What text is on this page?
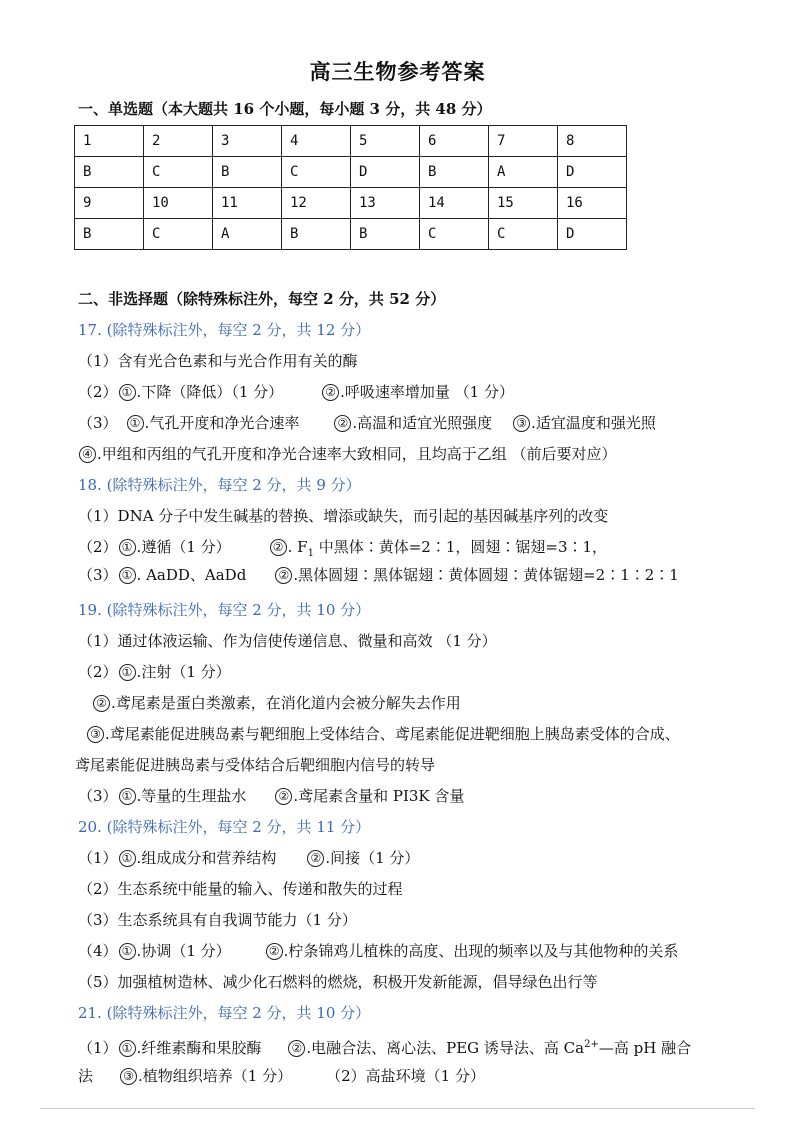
高三生物参考答案
一、单选题（本大题共 16 个小题，每小题 3 分，共 48 分）
1	2	3	4	5	6	7	8
B	C	B	C	D	B	A	D
9	10	11	12	13	14	15	16
B	C	A	B	B	C	C	D
二、非选择题（除特殊标注外，每空 2 分，共 52 分）
17. (除特殊标注外，每空 2 分，共 12 分）
（1）含有光合色素和与光合作用有关的酶
（2） ① .下降（降低）（1 分）	② .呼吸速率增加量 （1 分）
（3） ① .气孔开度和净光合速率	② .高温和适宜光照强度 ③ .适宜温度和强光照
④ .甲组和丙组的气孔开度和净光合速率大致相同，且均高于乙组 （前后要对应）
18. (除特殊标注外，每空 2 分，共 9 分）
（1）DNA 分子中发生碱基的替换、增添或缺失，而引起的基因碱基序列的改变
（2） ① .遵循（1 分）	② . $F_1$ 中黑体∶黄体=2∶1，圆翅∶锯翅=3∶1，
（3） ① . AaDD、AaDd	② .黑体圆翅∶黑体锯翅∶黄体圆翅∶黄体锯翅=2∶1∶2∶1
19. (除特殊标注外，每空 2 分，共 10 分）
（1）通过体液运输、作为信使传递信息、微量和高效 （1 分）
（2） ① .注射（1 分）
② .鸢尾素是蛋白类激素，在消化道内会被分解失去作用
③ .鸢尾素能促进胰岛素与靶细胞上受体结合、鸢尾素能促进靶细胞上胰岛素受体的合成、
鸢尾素能促进胰岛素与受体结合后靶细胞内信号的转导
（3） ① .等量的生理盐水	② .鸢尾素含量和 PI3K 含量
20. (除特殊标注外，每空 2 分，共 11 分）
（1） ① .组成成分和营养结构	② .间接（1 分）
（2）生态系统中能量的输入、传递和散失的过程
（3）生态系统具有自我调节能力（1 分）
（4） ① .协调（1 分）	② .柠条锦鸡儿植株的高度、出现的频率以及与其他物种的关系
（5）加强植树造林、减少化石燃料的燃烧，积极开发新能源，倡导绿色出行等
21. (除特殊标注外，每空 2 分，共 10 分）
（1） ① .纤维素酶和果胶酶	② .电融合法、离心法、PEG 诱导法、高 $Ca^{2+}—$高 pH 融合
法	③ .植物组织培养（1 分） （2）高盐环境（1 分）
